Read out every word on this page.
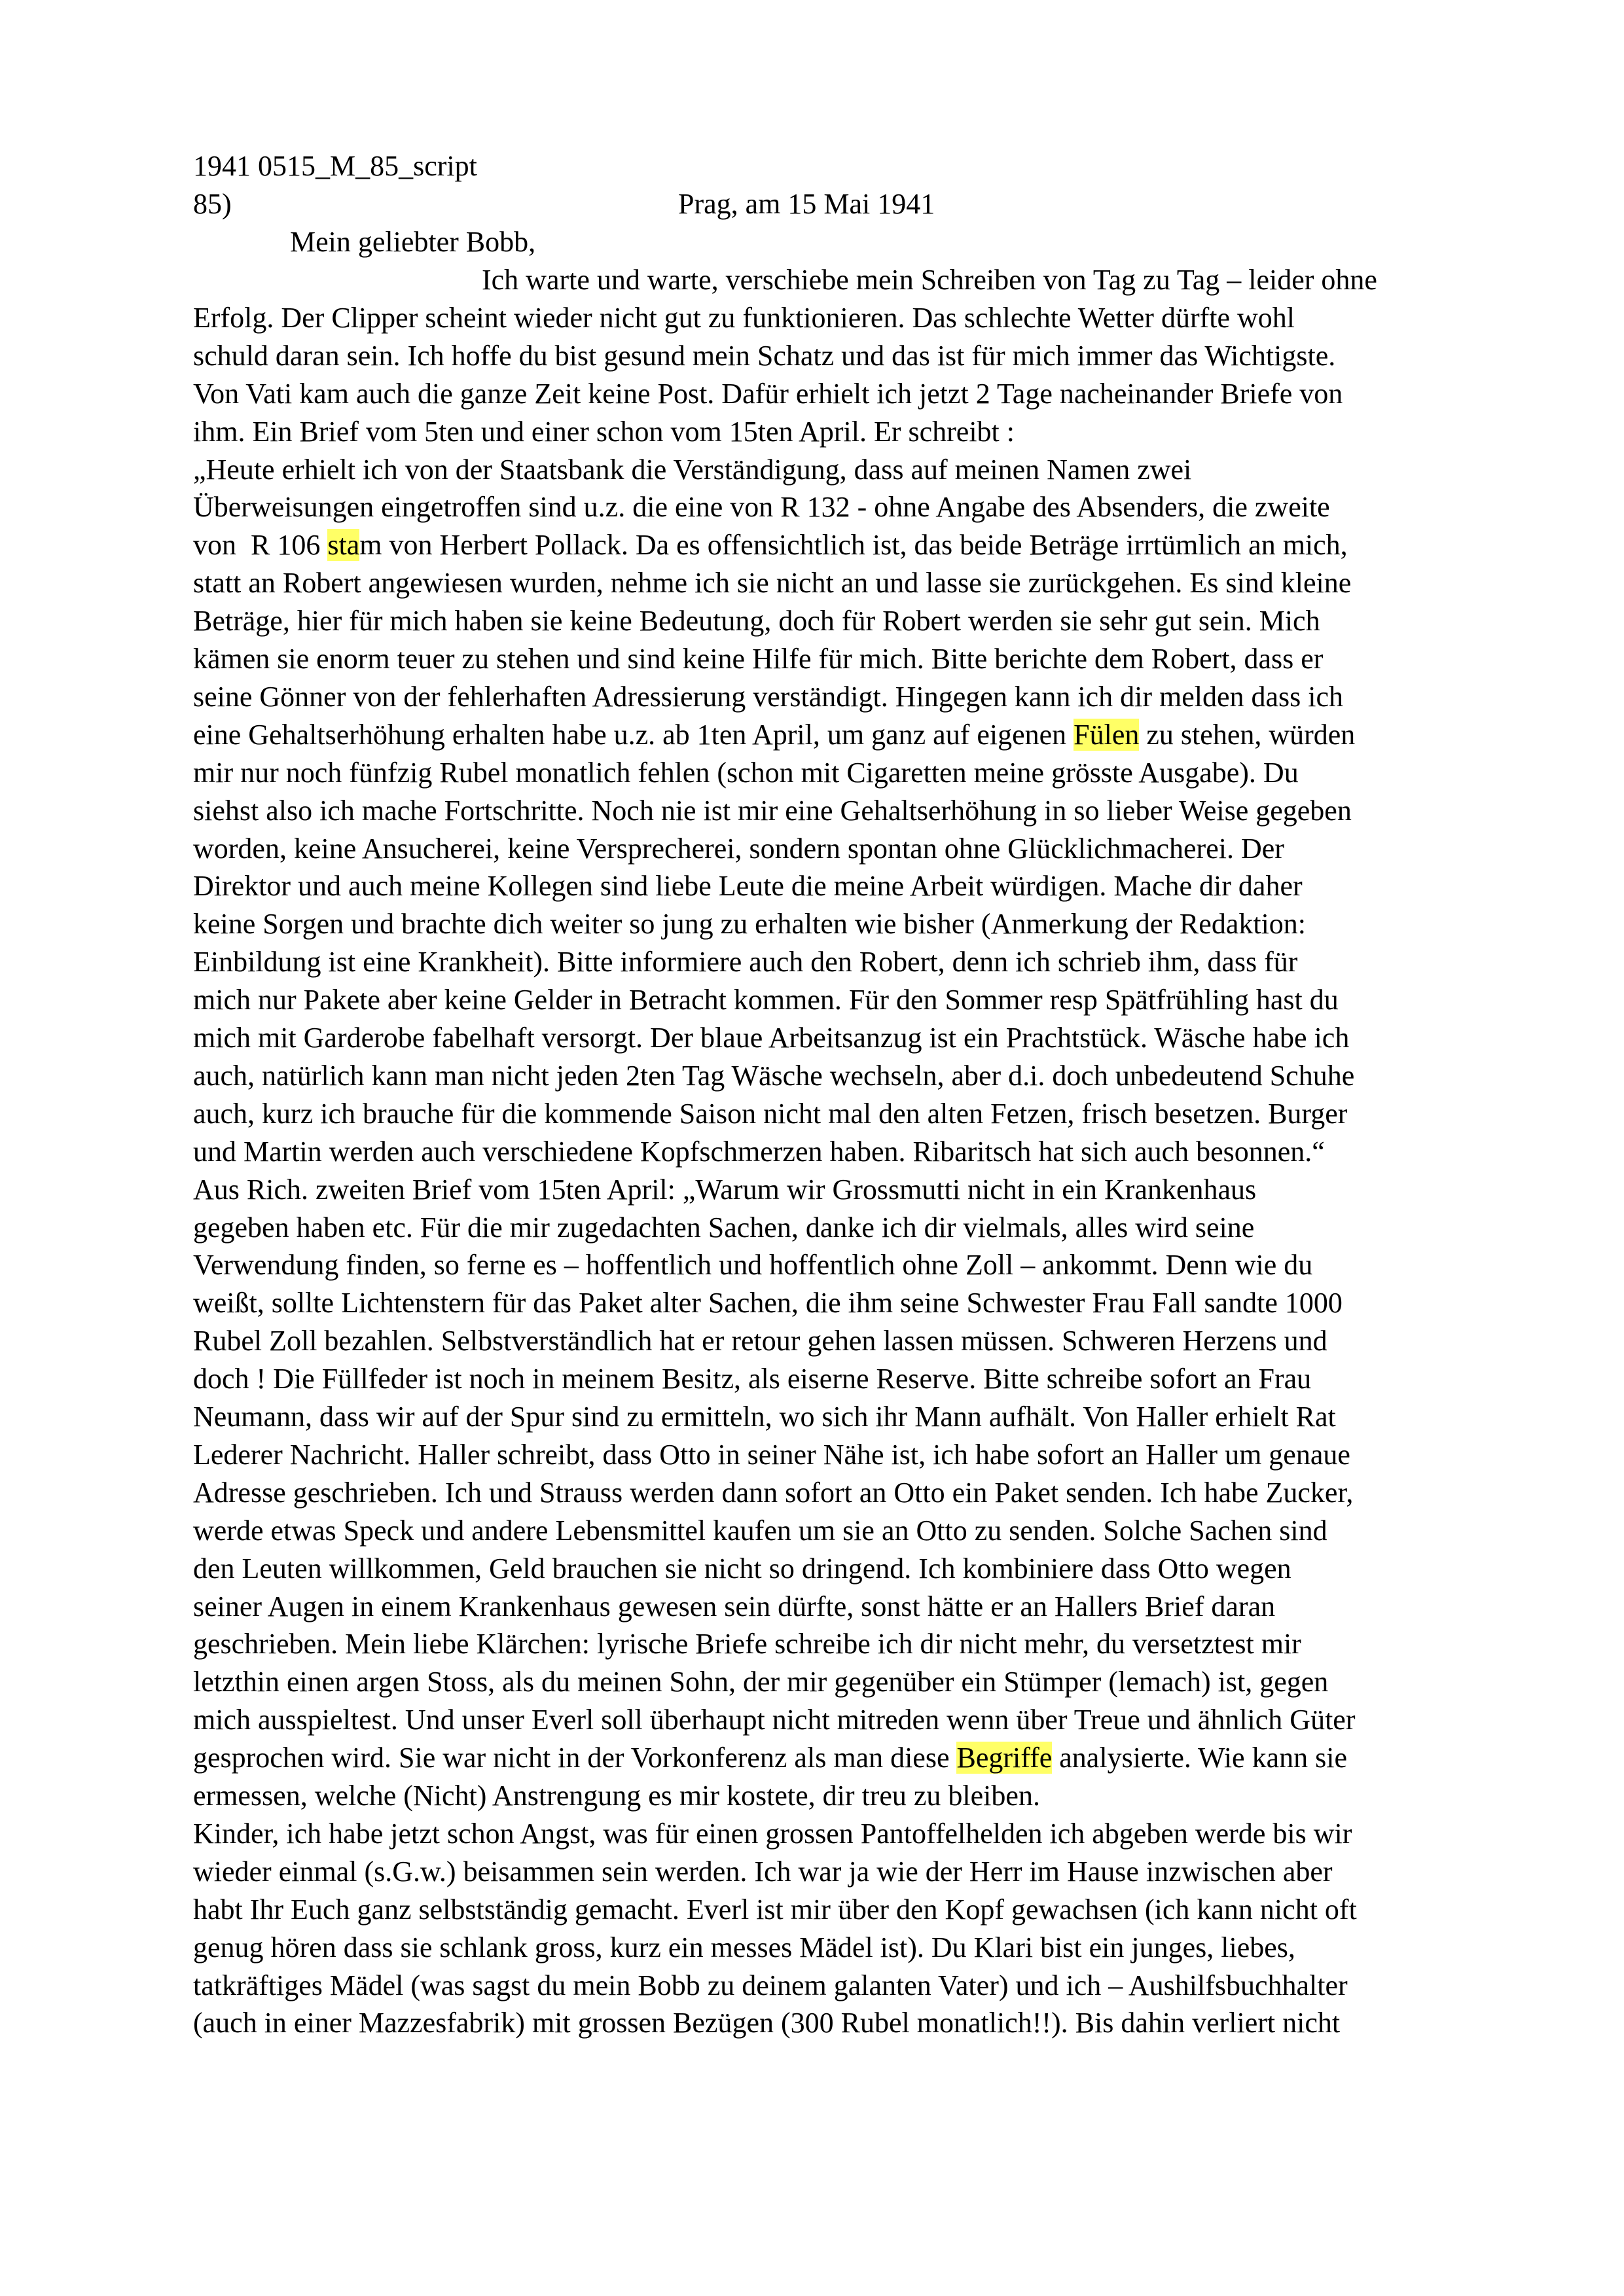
1941 0515_M_85_script
85)	Prag, am 15 Mai 1941
Mein geliebter Bobb,
Ich warte und warte, verschiebe mein Schreiben von Tag zu Tag – leider ohne
Erfolg. Der Clipper scheint wieder nicht gut zu funktionieren. Das schlechte Wetter dürfte wohl
schuld daran sein. Ich hoffe du bist gesund mein Schatz und das ist für mich immer das Wichtigste.
Von Vati kam auch die ganze Zeit keine Post. Dafür erhielt ich jetzt 2 Tage nacheinander Briefe von
ihm. Ein Brief vom 5ten und einer schon vom 15ten April. Er schreibt :
„Heute erhielt ich von der Staatsbank die Verständigung, dass auf meinen Namen zwei
Überweisungen eingetroffen sind u.z. die eine von R 132 - ohne Angabe des Absenders, die zweite
von  R 106 stam von Herbert Pollack. Da es offensichtlich ist, das beide Beträge irrtümlich an mich,
statt an Robert angewiesen wurden, nehme ich sie nicht an und lasse sie zurückgehen. Es sind kleine
Beträge, hier für mich haben sie keine Bedeutung, doch für Robert werden sie sehr gut sein. Mich
kämen sie enorm teuer zu stehen und sind keine Hilfe für mich. Bitte berichte dem Robert, dass er
seine Gönner von der fehlerhaften Adressierung verständigt. Hingegen kann ich dir melden dass ich
eine Gehaltserhöhung erhalten habe u.z. ab 1ten April, um ganz auf eigenen Fülen zu stehen, würden
mir nur noch fünfzig Rubel monatlich fehlen (schon mit Cigaretten meine grösste Ausgabe). Du
siehst also ich mache Fortschritte. Noch nie ist mir eine Gehaltserhöhung in so lieber Weise gegeben
worden, keine Ansucherei, keine Versprecherei, sondern spontan ohne Glücklichmacherei. Der
Direktor und auch meine Kollegen sind liebe Leute die meine Arbeit würdigen. Mache dir daher
keine Sorgen und brachte dich weiter so jung zu erhalten wie bisher (Anmerkung der Redaktion:
Einbildung ist eine Krankheit). Bitte informiere auch den Robert, denn ich schrieb ihm, dass für
mich nur Pakete aber keine Gelder in Betracht kommen. Für den Sommer resp Spätfrühling hast du
mich mit Garderobe fabelhaft versorgt. Der blaue Arbeitsanzug ist ein Prachtstück. Wäsche habe ich
auch, natürlich kann man nicht jeden 2ten Tag Wäsche wechseln, aber d.i. doch unbedeutend Schuhe
auch, kurz ich brauche für die kommende Saison nicht mal den alten Fetzen, frisch besetzen. Burger
und Martin werden auch verschiedene Kopfschmerzen haben. Ribaritsch hat sich auch besonnen.“
Aus Rich. zweiten Brief vom 15ten April: „Warum wir Grossmutti nicht in ein Krankenhaus
gegeben haben etc. Für die mir zugedachten Sachen, danke ich dir vielmals, alles wird seine
Verwendung finden, so ferne es – hoffentlich und hoffentlich ohne Zoll – ankommt. Denn wie du
weißt, sollte Lichtenstern für das Paket alter Sachen, die ihm seine Schwester Frau Fall sandte 1000
Rubel Zoll bezahlen. Selbstverständlich hat er retour gehen lassen müssen. Schweren Herzens und
doch ! Die Füllfeder ist noch in meinem Besitz, als eiserne Reserve. Bitte schreibe sofort an Frau
Neumann, dass wir auf der Spur sind zu ermitteln, wo sich ihr Mann aufhält. Von Haller erhielt Rat
Lederer Nachricht. Haller schreibt, dass Otto in seiner Nähe ist, ich habe sofort an Haller um genaue
Adresse geschrieben. Ich und Strauss werden dann sofort an Otto ein Paket senden. Ich habe Zucker,
werde etwas Speck und andere Lebensmittel kaufen um sie an Otto zu senden. Solche Sachen sind
den Leuten willkommen, Geld brauchen sie nicht so dringend. Ich kombiniere dass Otto wegen
seiner Augen in einem Krankenhaus gewesen sein dürfte, sonst hätte er an Hallers Brief daran
geschrieben. Mein liebe Klärchen: lyrische Briefe schreibe ich dir nicht mehr, du versetztest mir
letzthin einen argen Stoss, als du meinen Sohn, der mir gegenüber ein Stümper (lemach) ist, gegen
mich ausspieltest. Und unser Everl soll überhaupt nicht mitreden wenn über Treue und ähnlich Güter
gesprochen wird. Sie war nicht in der Vorkonferenz als man diese Begriffe analysierte. Wie kann sie
ermessen, welche (Nicht) Anstrengung es mir kostete, dir treu zu bleiben.
Kinder, ich habe jetzt schon Angst, was für einen grossen Pantoffelhelden ich abgeben werde bis wir
wieder einmal (s.G.w.) beisammen sein werden. Ich war ja wie der Herr im Hause inzwischen aber
habt Ihr Euch ganz selbstständig gemacht. Everl ist mir über den Kopf gewachsen (ich kann nicht oft
genug hören dass sie schlank gross, kurz ein messes Mädel ist). Du Klari bist ein junges, liebes,
tatkräftiges Mädel (was sagst du mein Bobb zu deinem galanten Vater) und ich – Aushilfsbuchhalter
(auch in einer Mazzesfabrik) mit grossen Bezügen (300 Rubel monatlich!!). Bis dahin verliert nicht
